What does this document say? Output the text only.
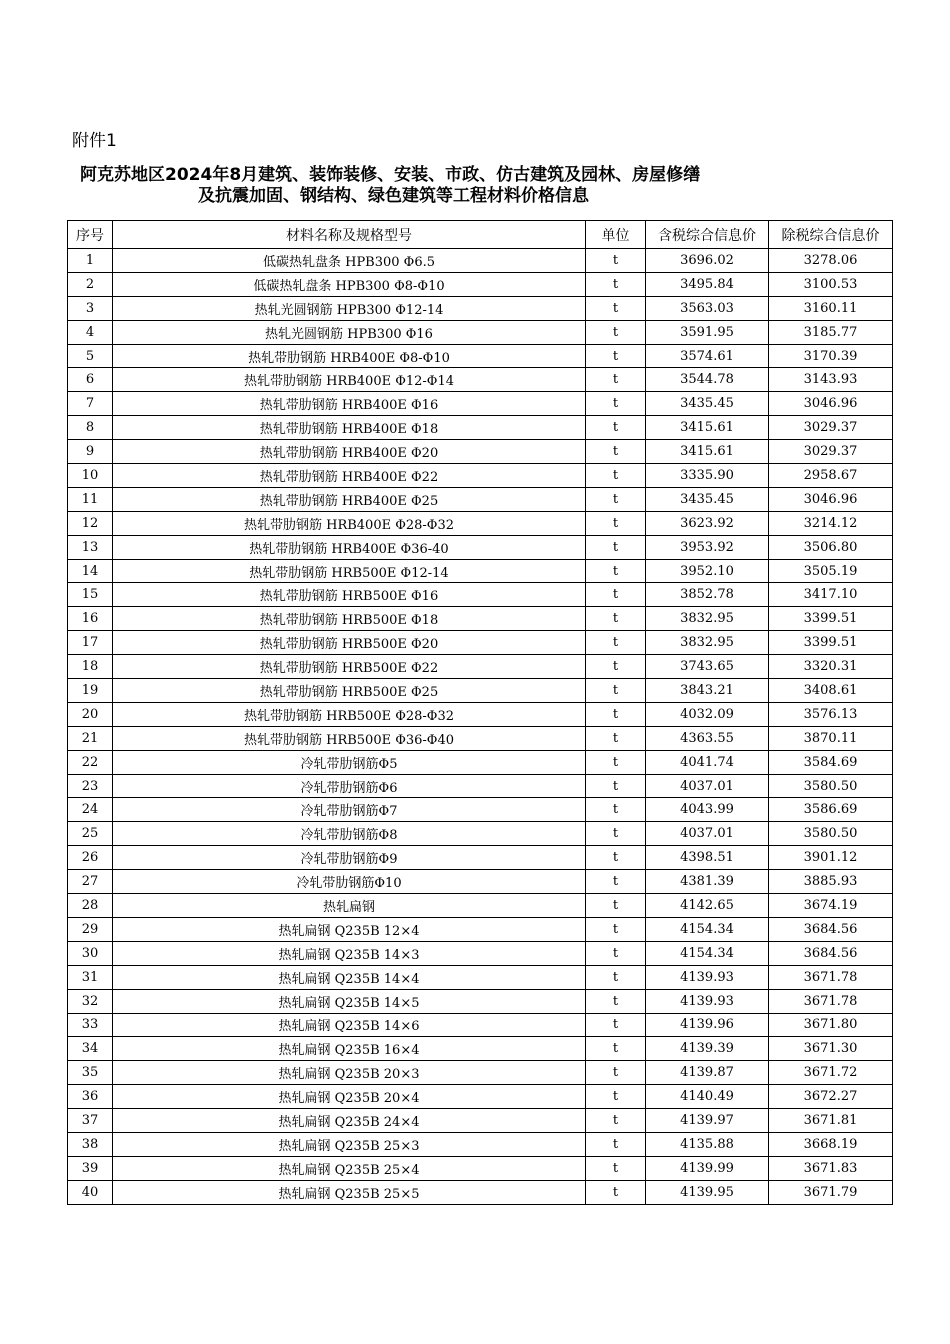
附件1
阿克苏地区2024年8月建筑、装饰装修、安装、市政、仿古建筑及园林、房屋修缮
及抗震加固、钢结构、绿色建筑等工程材料价格信息
序号	材料名称及规格型号	单位	含税综合信息价	除税综合信息价
1	低碳热轧盘条 HPB300 Φ6.5	t	3696.02	3278.06
2	低碳热轧盘条 HPB300 Φ8-Φ10	t	3495.84	3100.53
3	热轧光圆钢筋 HPB300 Φ12-14	t	3563.03	3160.11
4	热轧光圆钢筋 HPB300 Φ16	t	3591.95	3185.77
5	热轧带肋钢筋 HRB400E Φ8-Φ10	t	3574.61	3170.39
6	热轧带肋钢筋 HRB400E Φ12-Φ14	t	3544.78	3143.93
7	热轧带肋钢筋 HRB400E Φ16	t	3435.45	3046.96
8	热轧带肋钢筋 HRB400E Φ18	t	3415.61	3029.37
9	热轧带肋钢筋 HRB400E Φ20	t	3415.61	3029.37
10	热轧带肋钢筋 HRB400E Φ22	t	3335.90	2958.67
11	热轧带肋钢筋 HRB400E Φ25	t	3435.45	3046.96
12	热轧带肋钢筋 HRB400E Φ28-Φ32	t	3623.92	3214.12
13	热轧带肋钢筋 HRB400E Φ36-40	t	3953.92	3506.80
14	热轧带肋钢筋 HRB500E Φ12-14	t	3952.10	3505.19
15	热轧带肋钢筋 HRB500E Φ16	t	3852.78	3417.10
16	热轧带肋钢筋 HRB500E Φ18	t	3832.95	3399.51
17	热轧带肋钢筋 HRB500E Φ20	t	3832.95	3399.51
18	热轧带肋钢筋 HRB500E Φ22	t	3743.65	3320.31
19	热轧带肋钢筋 HRB500E Φ25	t	3843.21	3408.61
20	热轧带肋钢筋 HRB500E Φ28-Φ32	t	4032.09	3576.13
21	热轧带肋钢筋 HRB500E Φ36-Φ40	t	4363.55	3870.11
22	冷轧带肋钢筋Φ5	t	4041.74	3584.69
23	冷轧带肋钢筋Φ6	t	4037.01	3580.50
24	冷轧带肋钢筋Φ7	t	4043.99	3586.69
25	冷轧带肋钢筋Φ8	t	4037.01	3580.50
26	冷轧带肋钢筋Φ9	t	4398.51	3901.12
27	冷轧带肋钢筋Φ10	t	4381.39	3885.93
28	热轧扁钢	t	4142.65	3674.19
29	热轧扁钢 Q235B 12×4	t	4154.34	3684.56
30	热轧扁钢 Q235B 14×3	t	4154.34	3684.56
31	热轧扁钢 Q235B 14×4	t	4139.93	3671.78
32	热轧扁钢 Q235B 14×5	t	4139.93	3671.78
33	热轧扁钢 Q235B 14×6	t	4139.96	3671.80
34	热轧扁钢 Q235B 16×4	t	4139.39	3671.30
35	热轧扁钢 Q235B 20×3	t	4139.87	3671.72
36	热轧扁钢 Q235B 20×4	t	4140.49	3672.27
37	热轧扁钢 Q235B 24×4	t	4139.97	3671.81
38	热轧扁钢 Q235B 25×3	t	4135.88	3668.19
39	热轧扁钢 Q235B 25×4	t	4139.99	3671.83
40	热轧扁钢 Q235B 25×5	t	4139.95	3671.79
